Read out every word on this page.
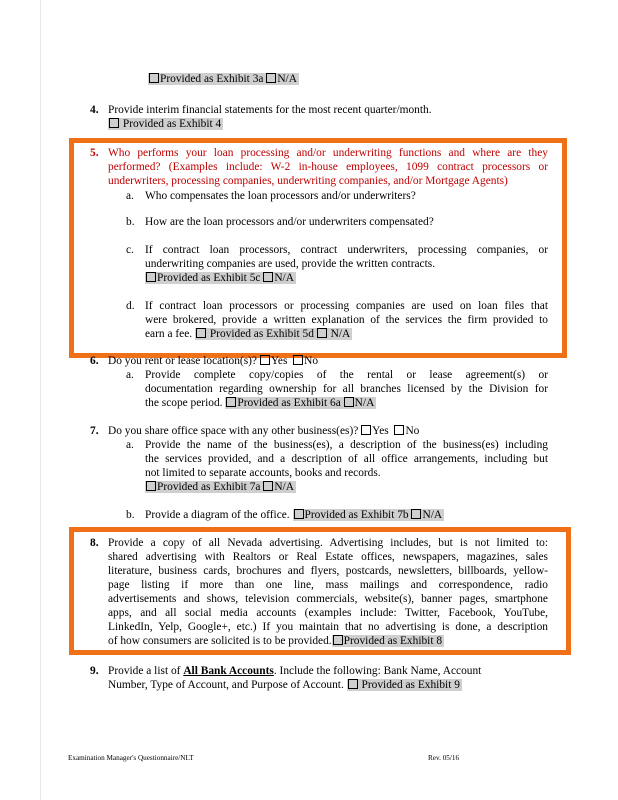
Provided as Exhibit 3a N/A
4. Provide interim financial statements for the most recent quarter/month.
Provided as Exhibit 4
5. Who performs your loan processing and/or underwriting functions and where are they
performed? (Examples include: W-2 in-house employees, 1099 contract processors or
underwriters, processing companies, underwriting companies, and/or Mortgage Agents)
a. Who compensates the loan processors and/or underwriters?
b. How are the loan processors and/or underwriters compensated?
c. If contract loan processors, contract underwriters, processing companies, or
underwriting companies are used, provide the written contracts.
Provided as Exhibit 5c N/A
d. If contract loan processors or processing companies are used on loan files that
were brokered, provide a written explanation of the services the firm provided to
earn a fee. Provided as Exhibit 5d N/A
6. Do you rent or lease location(s)? Yes No
a. Provide complete copy/copies of the rental or lease agreement(s) or
documentation regarding ownership for all branches licensed by the Division for
the scope period. Provided as Exhibit 6a N/A
7. Do you share office space with any other business(es)? Yes No
a. Provide the name of the business(es), a description of the business(es) including
the services provided, and a description of all office arrangements, including but
not limited to separate accounts, books and records.
Provided as Exhibit 7a N/A
b. Provide a diagram of the office. Provided as Exhibit 7b N/A
8. Provide a copy of all Nevada advertising. Advertising includes, but is not limited to:
shared advertising with Realtors or Real Estate offices, newspapers, magazines, sales
literature, business cards, brochures and flyers, postcards, newsletters, billboards, yellow-
page listing if more than one line, mass mailings and correspondence, radio
advertisements and shows, television commercials, website(s), banner pages, smartphone
apps, and all social media accounts (examples include: Twitter, Facebook, YouTube,
LinkedIn, Yelp, Google+, etc.) If you maintain that no advertising is done, a description
of how consumers are solicited is to be provided. Provided as Exhibit 8
9. Provide a list of All Bank Accounts. Include the following: Bank Name, Account
Number, Type of Account, and Purpose of Account. Provided as Exhibit 9
Examination Manager's Questionnaire/NLT	Rev. 05/16
